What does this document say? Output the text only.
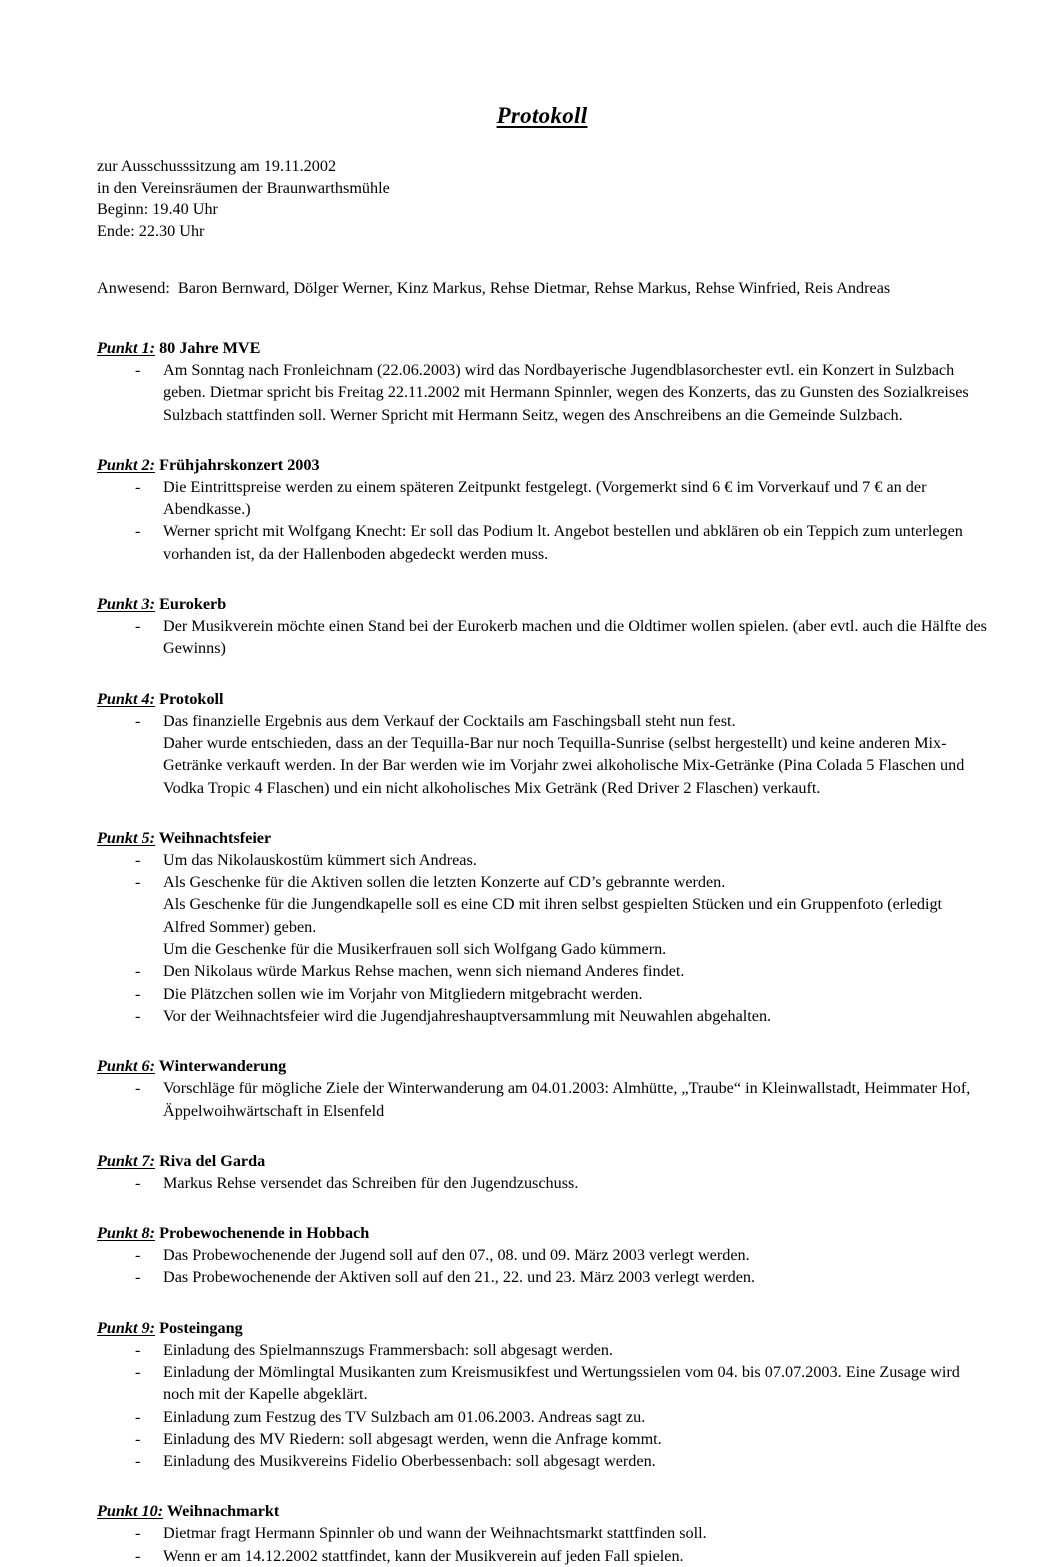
Protokoll
zur Ausschusssitzung am 19.11.2002
in den Vereinsräumen der Braunwarthsmühle
Beginn: 19.40 Uhr
Ende: 22.30 Uhr
Anwesend:  Baron Bernward, Dölger Werner, Kinz Markus, Rehse Dietmar, Rehse Markus, Rehse Winfried, Reis Andreas
Punkt 1: 80 Jahre MVE
- Am Sonntag nach Fronleichnam (22.06.2003) wird das Nordbayerische Jugendblasorchester evtl. ein Konzert in Sulzbach geben. Dietmar spricht bis Freitag 22.11.2002 mit Hermann Spinnler, wegen des Konzerts, das zu Gunsten des Sozialkreises Sulzbach stattfinden soll. Werner Spricht mit Hermann Seitz, wegen des Anschreibens an die Gemeinde Sulzbach.
Punkt 2: Frühjahrskonzert 2003
- Die Eintrittspreise werden zu einem späteren Zeitpunkt festgelegt. (Vorgemerkt sind 6 € im Vorverkauf und 7 € an der Abendkasse.)
- Werner spricht mit Wolfgang Knecht: Er soll das Podium lt. Angebot bestellen und abklären ob ein Teppich zum unterlegen vorhanden ist, da der Hallenboden abgedeckt werden muss.
Punkt 3: Eurokerb
- Der Musikverein möchte einen Stand bei der Eurokerb machen und die Oldtimer wollen spielen. (aber evtl. auch die Hälfte des Gewinns)
Punkt 4: Protokoll
- Das finanzielle Ergebnis aus dem Verkauf der Cocktails am Faschingsball steht nun fest.
Daher wurde entschieden, dass an der Tequilla-Bar nur noch Tequilla-Sunrise (selbst hergestellt) und keine anderen Mix-Getränke verkauft werden. In der Bar werden wie im Vorjahr zwei alkoholische Mix-Getränke (Pina Colada 5 Flaschen und Vodka Tropic 4 Flaschen) und ein nicht alkoholisches Mix Getränk (Red Driver 2 Flaschen) verkauft.
Punkt 5: Weihnachtsfeier
- Um das Nikolauskostüm kümmert sich Andreas.
- Als Geschenke für die Aktiven sollen die letzten Konzerte auf CD’s gebrannte werden.
Als Geschenke für die Jungendkapelle soll es eine CD mit ihren selbst gespielten Stücken und ein Gruppenfoto (erledigt Alfred Sommer) geben.
Um die Geschenke für die Musikerfrauen soll sich Wolfgang Gado kümmern.
- Den Nikolaus würde Markus Rehse machen, wenn sich niemand Anderes findet.
- Die Plätzchen sollen wie im Vorjahr von Mitgliedern mitgebracht werden.
- Vor der Weihnachtsfeier wird die Jugendjahreshauptversammlung mit Neuwahlen abgehalten.
Punkt 6: Winterwanderung
- Vorschläge für mögliche Ziele der Winterwanderung am 04.01.2003: Almhütte, „Traube“ in Kleinwallstadt, Heimmater Hof, Äppelwoihwärtschaft in Elsenfeld
Punkt 7: Riva del Garda
- Markus Rehse versendet das Schreiben für den Jugendzuschuss.
Punkt 8: Probewochenende in Hobbach
- Das Probewochenende der Jugend soll auf den 07., 08. und 09. März 2003 verlegt werden.
- Das Probewochenende der Aktiven soll auf den 21., 22. und 23. März 2003 verlegt werden.
Punkt 9: Posteingang
- Einladung des Spielmannszugs Frammersbach: soll abgesagt werden.
- Einladung der Mömlingtal Musikanten zum Kreismusikfest und Wertungssielen vom 04. bis 07.07.2003. Eine Zusage wird noch mit der Kapelle abgeklärt.
- Einladung zum Festzug des TV Sulzbach am 01.06.2003. Andreas sagt zu.
- Einladung des MV Riedern: soll abgesagt werden, wenn die Anfrage kommt.
- Einladung des Musikvereins Fidelio Oberbessenbach: soll abgesagt werden.
Punkt 10: Weihnachmarkt
- Dietmar fragt Hermann Spinnler ob und wann der Weihnachtsmarkt stattfinden soll.
- Wenn er am 14.12.2002 stattfindet, kann der Musikverein auf jeden Fall spielen.
